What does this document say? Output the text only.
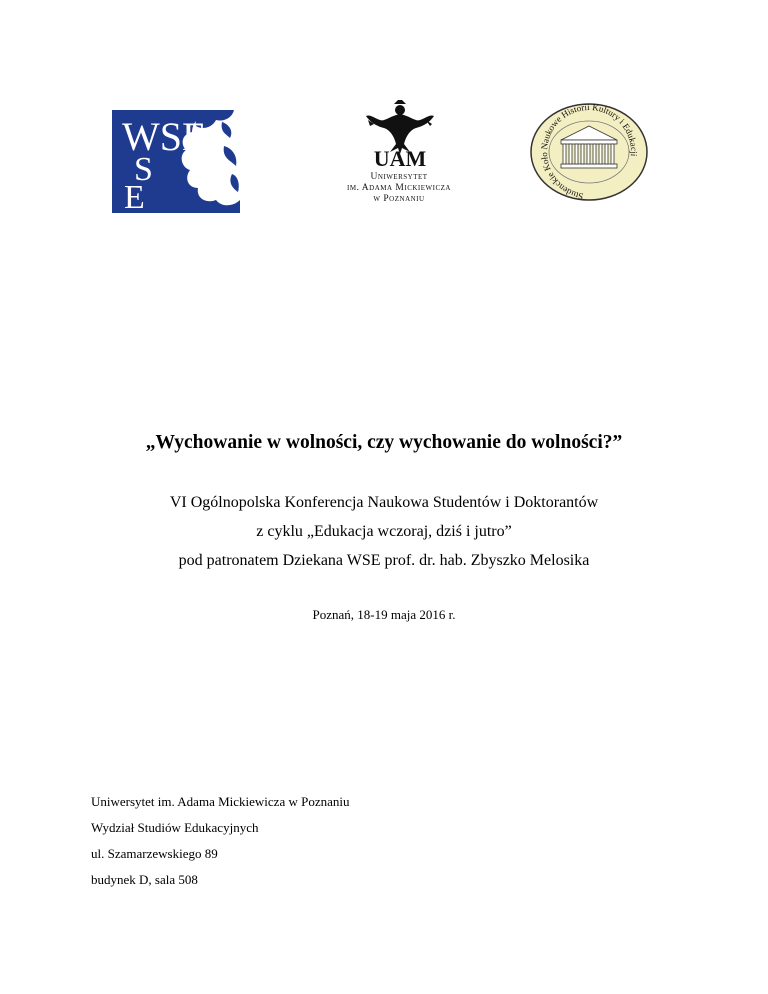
WSE
S
E
UAM
Uniwersytet
im. Adama Mickiewicza
w Poznaniu	Studenckie Koło Naukowe Historii Kultury i Edukacji
„Wychowanie w wolności, czy wychowanie do wolności?”
VI Ogólnopolska Konferencja Naukowa Studentów i Doktorantów
z cyklu „Edukacja wczoraj, dziś i jutro”
pod patronatem Dziekana WSE prof. dr. hab. Zbyszko Melosika
Poznań, 18-19 maja 2016 r.
Uniwersytet im. Adama Mickiewicza w Poznaniu
Wydział Studiów Edukacyjnych
ul. Szamarzewskiego 89
budynek D, sala 508
